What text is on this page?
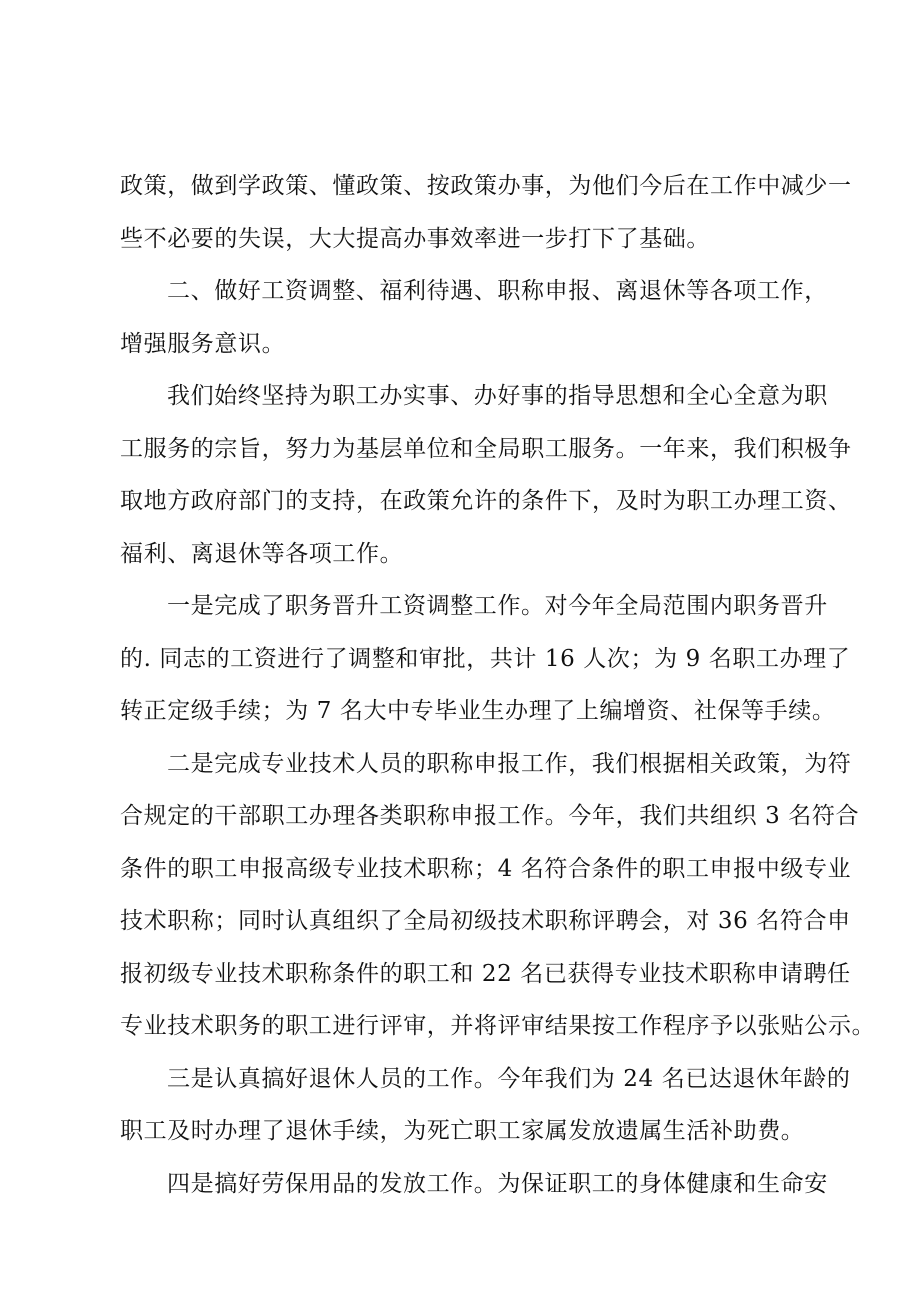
政策，做到学政策、懂政策、按政策办事，为他们今后在工作中减少一
些不必要的失误，大大提高办事效率进一步打下了基础。
二、做好工资调整、福利待遇、职称申报、离退休等各项工作，
增强服务意识。
我们始终坚持为职工办实事、办好事的指导思想和全心全意为职
工服务的宗旨，努力为基层单位和全局职工服务。一年来，我们积极争
取地方政府部门的支持，在政策允许的条件下，及时为职工办理工资、
福利、离退休等各项工作。
一是完成了职务晋升工资调整工作。对今年全局范围内职务晋升
的. 同志的工资进行了调整和审批，共计 16 人次；为 9 名职工办理了
转正定级手续；为 7 名大中专毕业生办理了上编增资、社保等手续。
二是完成专业技术人员的职称申报工作，我们根据相关政策，为符
合规定的干部职工办理各类职称申报工作。今年，我们共组织 3 名符合
条件的职工申报高级专业技术职称；4 名符合条件的职工申报中级专业
技术职称；同时认真组织了全局初级技术职称评聘会，对 36 名符合申
报初级专业技术职称条件的职工和 22 名已获得专业技术职称申请聘任
专业技术职务的职工进行评审，并将评审结果按工作程序予以张贴公示。
三是认真搞好退休人员的工作。今年我们为 24 名已达退休年龄的
职工及时办理了退休手续，为死亡职工家属发放遗属生活补助费。
四是搞好劳保用品的发放工作。为保证职工的身体健康和生命安
